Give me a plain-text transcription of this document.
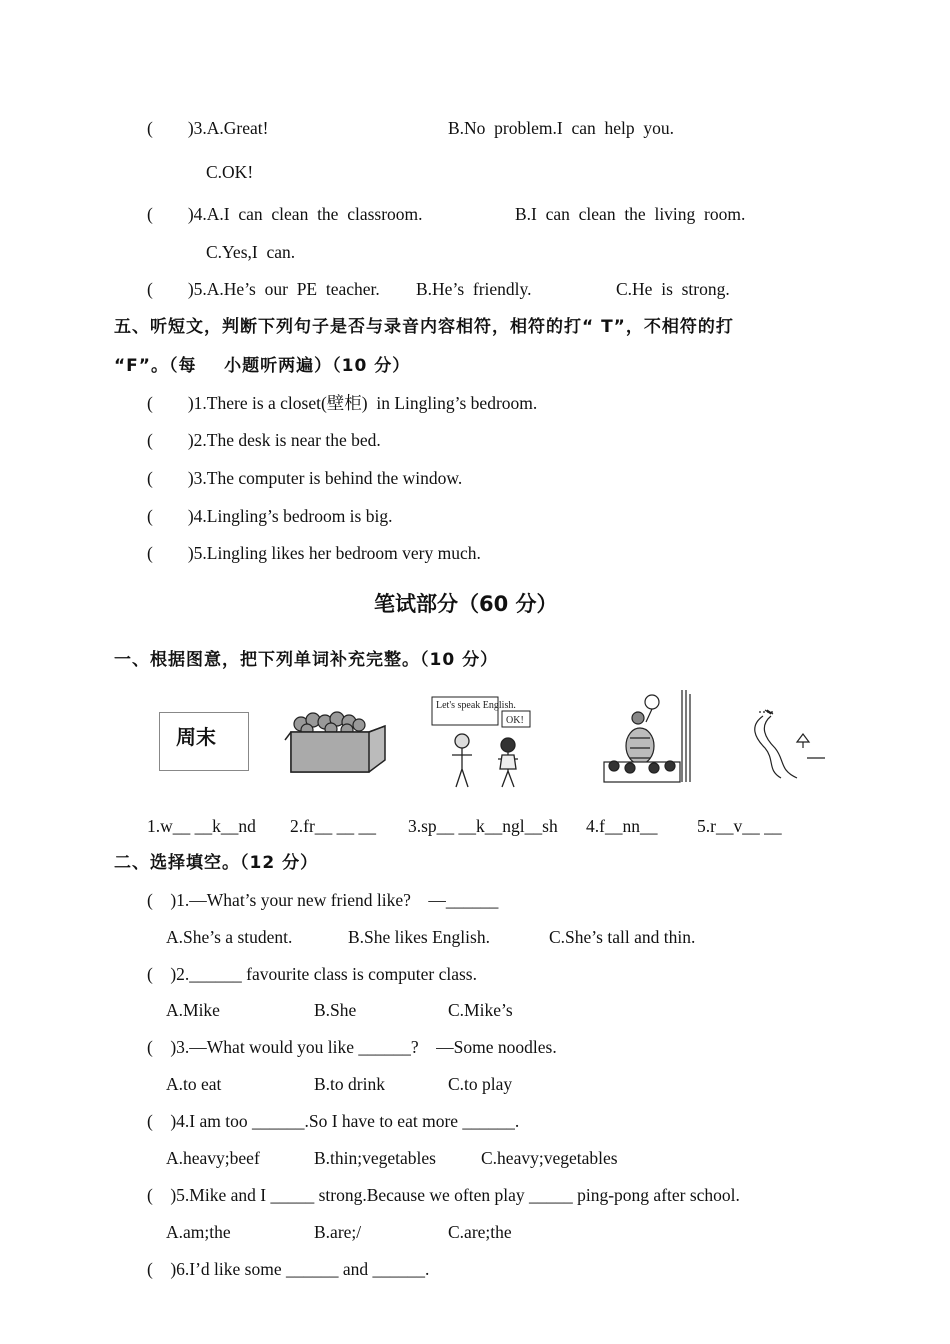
(        )3.A.Great!	B.No  problem.I  can  help  you.
C.OK!
(        )4.A.I  can  clean  the  classroom.	B.I  can  clean  the  living  room.
C.Yes,I  can.
(        )5.A.He’s  our  PE  teacher. B.He’s  friendly.	C.He  is  strong.
五、听短文，判断下列句子是否与录音内容相符，相符的打“ T”，不相符的打
“F”。（每    小题听两遍）（10 分）
(        )1.There is a closet(壁柜)  in Lingling’s bedroom.
(        )2.The desk is near the bed.
(        )3.The computer is behind the window.
(        )4.Lingling’s bedroom is big.
(        )5.Lingling likes her bedroom very much.
笔试部分（60 分）
一、根据图意，把下列单词补充完整。（10 分）
周末
Let's speak English.
OK!
1.w__ __k__nd 2.fr__ __ __ 3.sp__ __k__ngl__sh 4.f__nn__ 5.r__v__ __
二、选择填空。（12 分）
(    )1.—What’s your new friend like?    —______
A.She’s a student.	B.She likes English.	C.She’s tall and thin.
(    )2.______ favourite class is computer class.
A.Mike	B.She	C.Mike’s
(    )3.—What would you like ______?    —Some noodles.
A.to eat	B.to drink	C.to play
(    )4.I am too ______.So I have to eat more ______.
A.heavy;beef	B.thin;vegetables	C.heavy;vegetables
(    )5.Mike and I _____ strong.Because we often play _____ ping-pong after school.
A.am;the	B.are;/	C.are;the
(    )6.I’d like some ______ and ______.
